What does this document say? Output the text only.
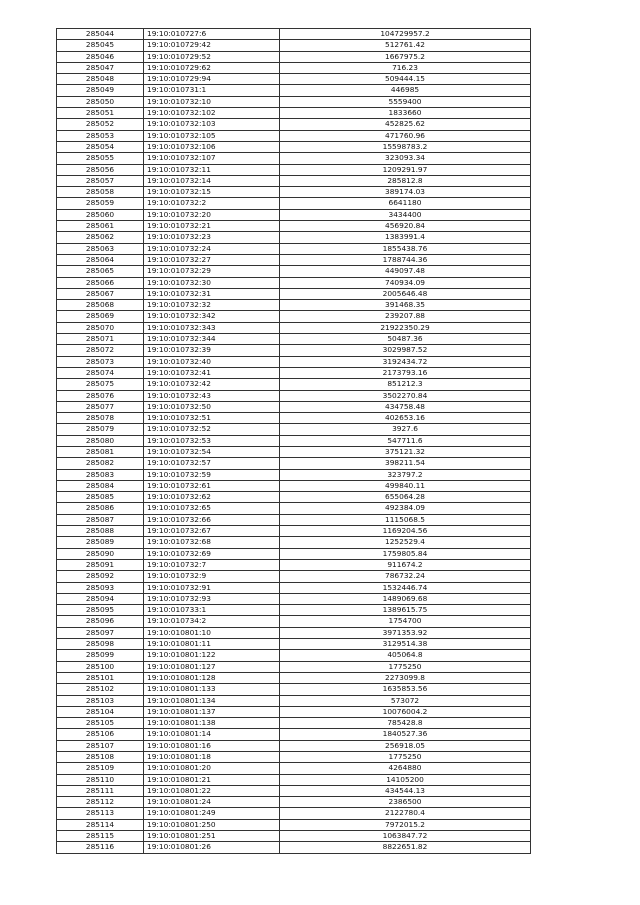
285044	19:10:010727:6	104729957.2
285045	19:10:010729:42	512761.42
285046	19:10:010729:52	1667975.2
285047	19:10:010729:62	716.23
285048	19:10:010729:94	509444.15
285049	19:10:010731:1	446985
285050	19:10:010732:10	5559400
285051	19:10:010732:102	1833660
285052	19:10:010732:103	452825.62
285053	19:10:010732:105	471760.96
285054	19:10:010732:106	15598783.2
285055	19:10:010732:107	323093.34
285056	19:10:010732:11	1209291.97
285057	19:10:010732:14	285812.8
285058	19:10:010732:15	389174.03
285059	19:10:010732:2	6641180
285060	19:10:010732:20	3434400
285061	19:10:010732:21	456920.84
285062	19:10:010732:23	1383991.4
285063	19:10:010732:24	1855438.76
285064	19:10:010732:27	1788744.36
285065	19:10:010732:29	449097.48
285066	19:10:010732:30	740934.09
285067	19:10:010732:31	2005646.48
285068	19:10:010732:32	391468.35
285069	19:10:010732:342	239207.88
285070	19:10:010732:343	21922350.29
285071	19:10:010732:344	50487.36
285072	19:10:010732:39	3029987.52
285073	19:10:010732:40	3192434.72
285074	19:10:010732:41	2173793.16
285075	19:10:010732:42	851212.3
285076	19:10:010732:43	3502270.84
285077	19:10:010732:50	434758.48
285078	19:10:010732:51	402653.16
285079	19:10:010732:52	3927.6
285080	19:10:010732:53	547711.6
285081	19:10:010732:54	375121.32
285082	19:10:010732:57	398211.54
285083	19:10:010732:59	323797.2
285084	19:10:010732:61	499840.11
285085	19:10:010732:62	655064.28
285086	19:10:010732:65	492384.09
285087	19:10:010732:66	1115068.5
285088	19:10:010732:67	1169204.56
285089	19:10:010732:68	1252529.4
285090	19:10:010732:69	1759805.84
285091	19:10:010732:7	911674.2
285092	19:10:010732:9	786732.24
285093	19:10:010732:91	1532446.74
285094	19:10:010732:93	1489069.68
285095	19:10:010733:1	1389615.75
285096	19:10:010734:2	1754700
285097	19:10:010801:10	3971353.92
285098	19:10:010801:11	3129514.38
285099	19:10:010801:122	405064.8
285100	19:10:010801:127	1775250
285101	19:10:010801:128	2273099.8
285102	19:10:010801:133	1635853.56
285103	19:10:010801:134	573072
285104	19:10:010801:137	10076004.2
285105	19:10:010801:138	785428.8
285106	19:10:010801:14	1840527.36
285107	19:10:010801:16	256918.05
285108	19:10:010801:18	1775250
285109	19:10:010801:20	4264880
285110	19:10:010801:21	14105200
285111	19:10:010801:22	434544.13
285112	19:10:010801:24	2386500
285113	19:10:010801:249	2122780.4
285114	19:10:010801:250	7972015.2
285115	19:10:010801:251	1063847.72
285116	19:10:010801:26	8822651.82
